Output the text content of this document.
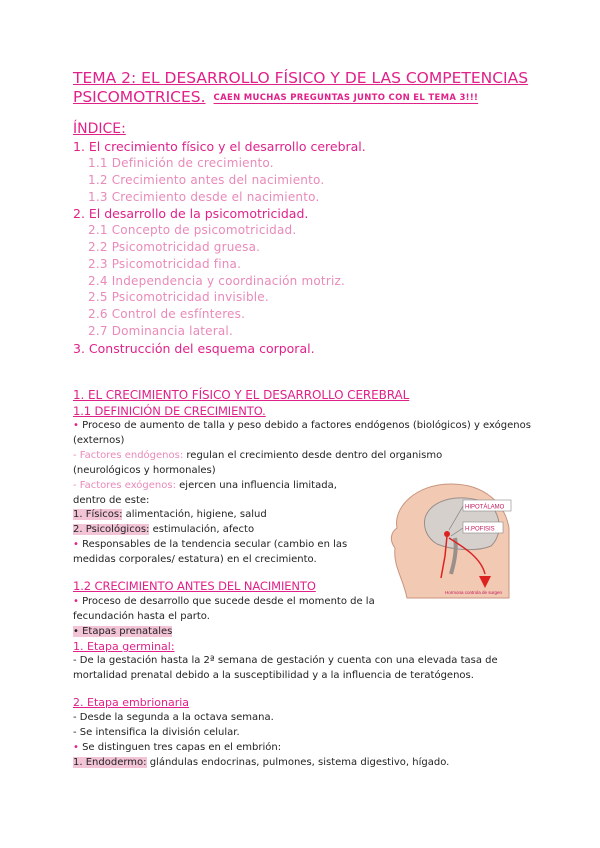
TEMA 2: EL DESARROLLO FÍSICO Y DE LAS COMPETENCIAS
PSICOMOTRICES. CAEN MUCHAS PREGUNTAS JUNTO CON EL TEMA 3!!!
ÍNDICE:
1. El crecimiento físico y el desarrollo cerebral.
1.1 Definición de crecimiento.
1.2 Crecimiento antes del nacimiento.
1.3 Crecimiento desde el nacimiento.
2. El desarrollo de la psicomotricidad.
2.1 Concepto de psicomotricidad.
2.2 Psicomotricidad gruesa.
2.3 Psicomotricidad fina.
2.4 Independencia y coordinación motriz.
2.5 Psicomotricidad invisible.
2.6 Control de esfínteres.
2.7 Dominancia lateral.
3. Construcción del esquema corporal.
1. EL CRECIMIENTO FÍSICO Y EL DESARROLLO CEREBRAL
1.1 DEFINICIÓN DE CRECIMIENTO.
• Proceso de aumento de talla y peso debido a factores endógenos (biológicos) y exógenos
(externos)
- Factores endógenos: regulan el crecimiento desde dentro del organismo
(neurológicos y hormonales)
- Factores exógenos: ejercen una influencia limitada,
dentro de este:
1. Físicos: alimentación, higiene, salud
2. Psicológicos: estimulación, afecto
• Responsables de la tendencia secular (cambio en las
medidas corporales/ estatura) en el crecimiento.
1.2 CRECIMIENTO ANTES DEL NACIMIENTO
• Proceso de desarrollo que sucede desde el momento de la
fecundación hasta el parto.
• Etapas prenatales
1. Etapa germinal:
- De la gestación hasta la 2ª semana de gestación y cuenta con una elevada tasa de
mortalidad prenatal debido a la susceptibilidad y a la influencia de teratógenos.
2. Etapa embrionaria
- Desde la segunda a la octava semana.
- Se intensifica la división celular.
• Se distinguen tres capas en el embrión:
1. Endodermo: glándulas endocrinas, pulmones, sistema digestivo, hígado.
HIPOTÁLAMO
H.POFISIS
Hormona controla de surgen
